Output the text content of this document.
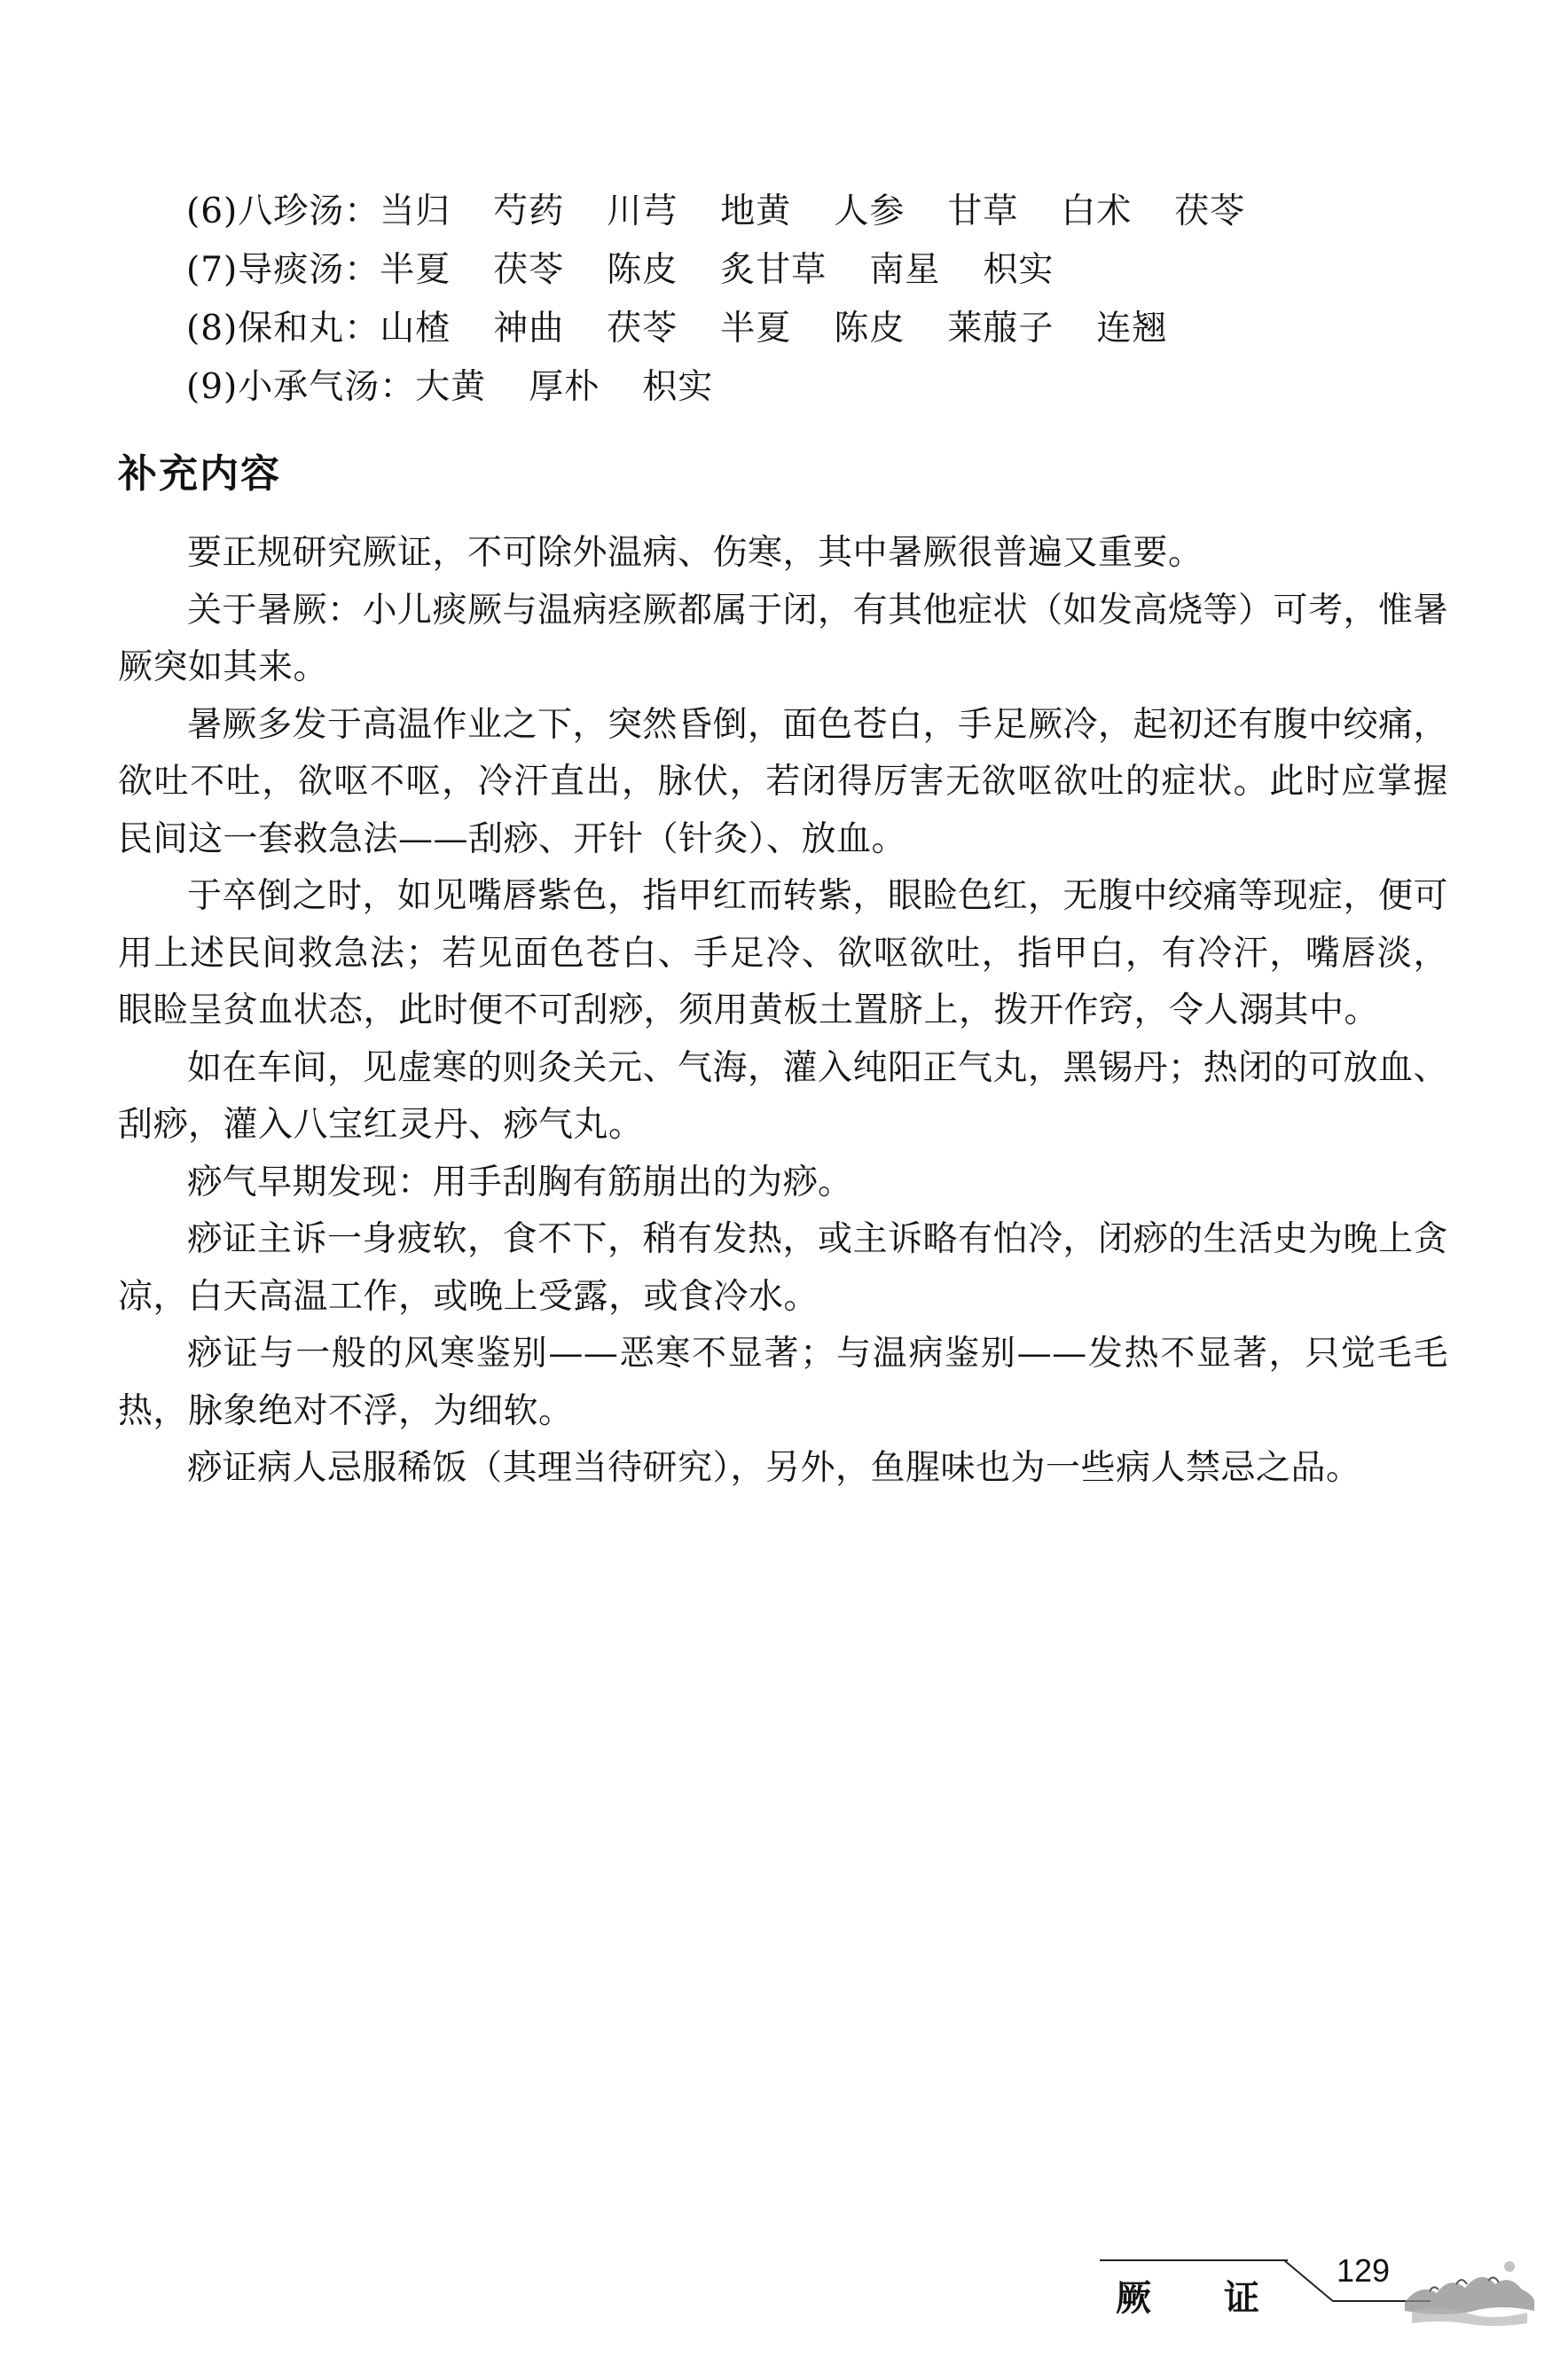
(6)八珍汤：当归 芍药 川芎 地黄 人参 甘草 白术 茯苓
(7)导痰汤：半夏 茯苓 陈皮 炙甘草 南星 枳实
(8)保和丸：山楂 神曲 茯苓 半夏 陈皮 莱菔子 连翘
(9)小承气汤：大黄 厚朴 枳实
补充内容

要正规研究厥证，不可除外温病、伤寒，其中暑厥很普遍又重要。

关于暑厥：小儿痰厥与温病痉厥都属于闭，有其他症状（如发高烧等）可考，惟暑厥突如其来。

暑厥多发于高温作业之下，突然昏倒，面色苍白，手足厥冷，起初还有腹中绞痛，欲吐不吐，欲呕不呕，冷汗直出，脉伏，若闭得厉害无欲呕欲吐的症状。此时应掌握民间这一套救急法——刮痧、开针（针灸）、放血。

于卒倒之时，如见嘴唇紫色，指甲红而转紫，眼睑色红，无腹中绞痛等现症，便可用上述民间救急法；若见面色苍白、手足冷、欲呕欲吐，指甲白，有冷汗，嘴唇淡，眼睑呈贫血状态，此时便不可刮痧，须用黄板土置脐上，拨开作窍，令人溺其中。

如在车间，见虚寒的则灸关元、气海，灌入纯阳正气丸，黑锡丹；热闭的可放血、刮痧，灌入八宝红灵丹、痧气丸。

痧气早期发现：用手刮胸有筋崩出的为痧。

痧证主诉一身疲软，食不下，稍有发热，或主诉略有怕冷，闭痧的生活史为晚上贪凉，白天高温工作，或晚上受露，或食冷水。

痧证与一般的风寒鉴别——恶寒不显著；与温病鉴别——发热不显著，只觉毛毛热，脉象绝对不浮，为细软。

痧证病人忌服稀饭（其理当待研究），另外，鱼腥味也为一些病人禁忌之品。

厥证
129
